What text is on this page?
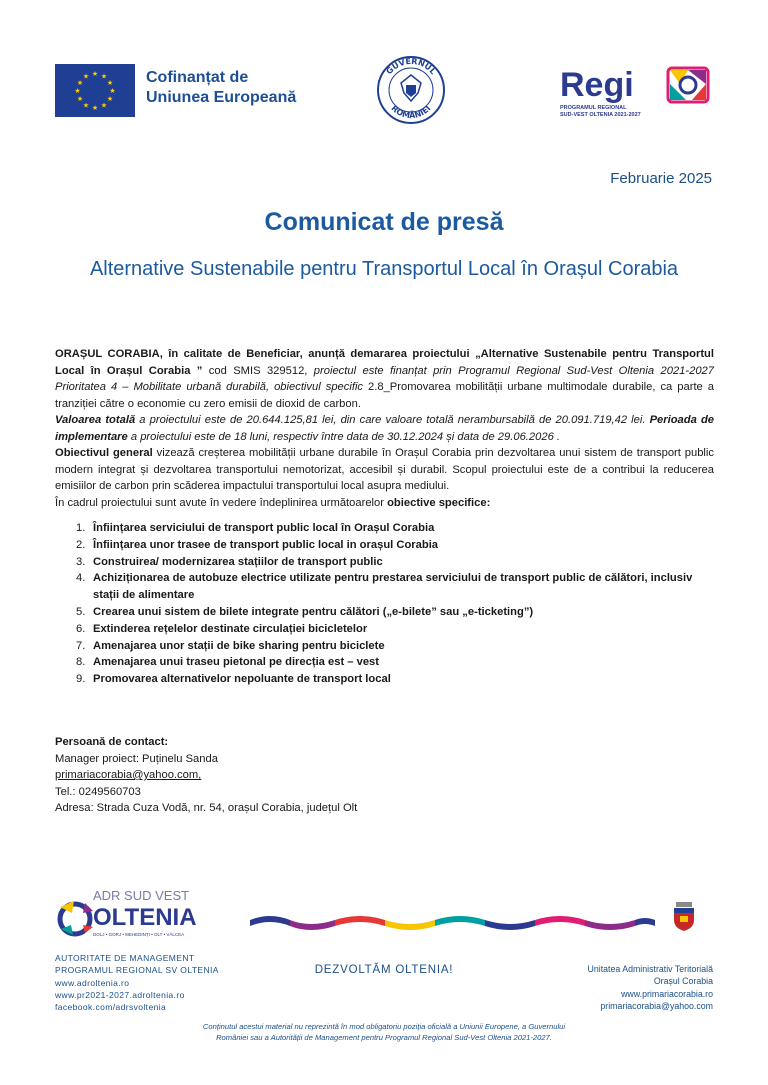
★ ★
★
★
★
★
★
★
★
★
★
★	Cofinanțat de
Uniunea Europeană
GUVERNUL
ROMÂNIEI
Regi
PROGRAMUL REGIONAL
SUD-VEST OLTENIA 2021-2027
Februarie 2025
Comunicat de presă
Alternative Sustenabile pentru Transportul Local în Orașul Corabia

ORAȘUL CORABIA, în calitate de Beneficiar, anunță demararea proiectului „Alternative Sustenabile pentru Transportul Local în Orașul Corabia ” cod SMIS 329512, proiectul este finanțat prin Programul Regional Sud-Vest Oltenia 2021-2027 Prioritatea 4 – Mobilitate urbană durabilă, obiectivul specific 2.8_Promovarea mobilității urbane multimodale durabile, ca parte a tranziției către o economie cu zero emisii de dioxid de carbon.

Valoarea totală a proiectului este de 20.644.125,81 lei, din care valoare totală nerambursabilă de 20.091.719,42 lei. Perioada de implementare a proiectului este de 18 luni, respectiv între data de 30.12.2024 și data de 29.06.2026 .

Obiectivul general vizează creșterea mobilității urbane durabile în Orașul Corabia prin dezvoltarea unui sistem de transport public modern integrat și dezvoltarea transportului nemotorizat, accesibil și durabil. Scopul proiectului este de a contribui la reducerea emisiilor de carbon prin scăderea impactului transportului local asupra mediului.

În cadrul proiectului sunt avute în vedere îndeplinirea următoarelor obiective specifice:

1. Înființarea serviciului de transport public local în Orașul Corabia
2. Înființarea unor trasee de transport public local in orașul Corabia
3. Construirea/ modernizarea stațiilor de transport public
4. Achiziționarea de autobuze electrice utilizate pentru prestarea serviciului de transport public de călători, inclusiv stații de alimentare
5. Crearea unui sistem de bilete integrate pentru călători („e-bilete” sau „e-ticketing”)
6. Extinderea rețelelor destinate circulației bicicletelor
7. Amenajarea unor stații de bike sharing pentru biciclete
8. Amenajarea unui traseu pietonal pe direcția est – vest
9. Promovarea alternativelor nepoluante de transport local
Persoană de contact:
Manager proiect: Puținelu Sanda
primariacorabia@yahoo.com,
Tel.: 0249560703
Adresa: Strada Cuza Vodă, nr. 54, orașul Corabia, județul Olt
ADR SUD VEST
OLTENIA
DOLJ • GORJ • MEHEDINȚI • OLT • VÂLCEA
AUTORITATE DE MANAGEMENT
PROGRAMUL REGIONAL SV OLTENIA
www.adroltenia.ro
www.pr2021-2027.adroltenia.ro
facebook.com/adrsvoltenia
DEZVOLTĂM OLTENIA!	Unitatea Administrativ Teritorială
Orașul Corabia
www.primariacorabia.ro
primariacorabia@yahoo.com
Conținutul acestui material nu reprezintă în mod obligatoriu poziția oficială a Uniunii Europene, a Guvernului
României sau a Autorității de Management pentru Programul Regional Sud-Vest Oltenia 2021-2027.
